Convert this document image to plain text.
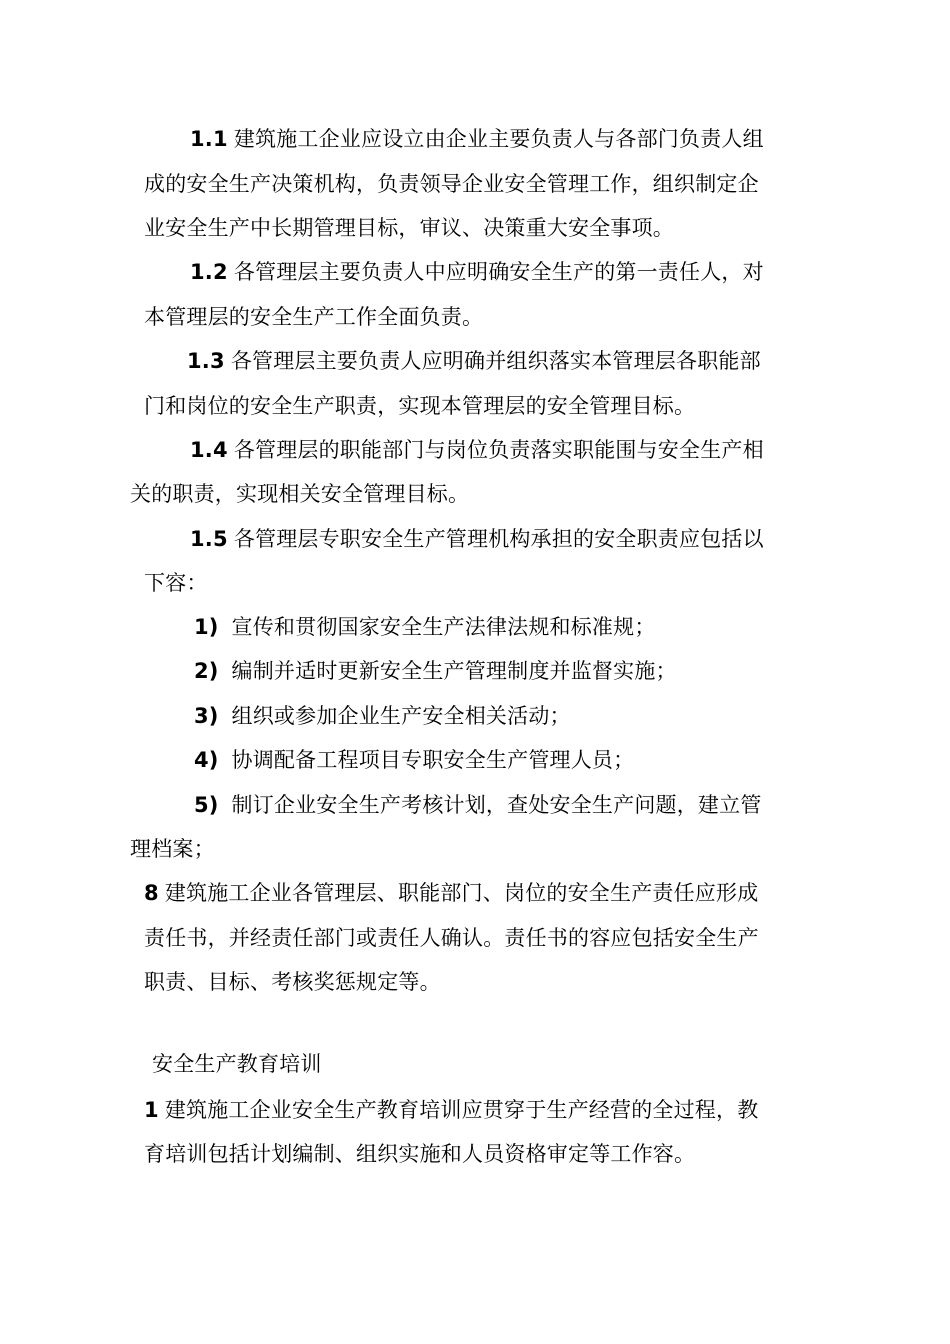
1.1 建筑施工企业应设立由企业主要负责人与各部门负责人组
成的安全生产决策机构，负责领导企业安全管理工作，组织制定企
业安全生产中长期管理目标，审议、决策重大安全事项。
1.2 各管理层主要负责人中应明确安全生产的第一责任人，对
本管理层的安全生产工作全面负责。
1.3 各管理层主要负责人应明确并组织落实本管理层各职能部
门和岗位的安全生产职责，实现本管理层的安全管理目标。
1.4 各管理层的职能部门与岗位负责落实职能围与安全生产相
关的职责，实现相关安全管理目标。
1.5 各管理层专职安全生产管理机构承担的安全职责应包括以
下容：
1) 宣传和贯彻国家安全生产法律法规和标准规；
2) 编制并适时更新安全生产管理制度并监督实施；
3) 组织或参加企业生产安全相关活动；
4) 协调配备工程项目专职安全生产管理人员；
5) 制订企业安全生产考核计划，查处安全生产问题，建立管
理档案；
8 建筑施工企业各管理层、职能部门、岗位的安全生产责任应形成
责任书，并经责任部门或责任人确认。责任书的容应包括安全生产
职责、目标、考核奖惩规定等。
安全生产教育培训
1 建筑施工企业安全生产教育培训应贯穿于生产经营的全过程，教
育培训包括计划编制、组织实施和人员资格审定等工作容。
